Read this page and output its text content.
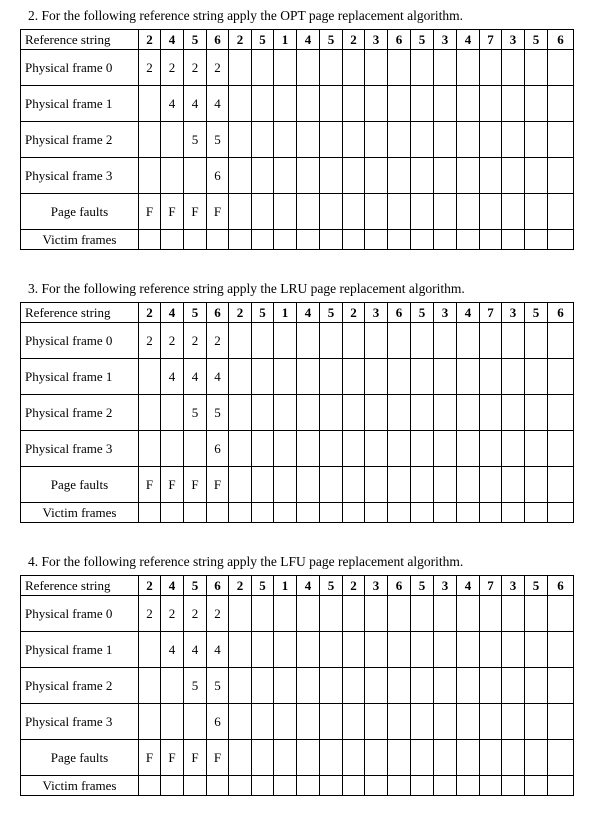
2. For the following reference string apply the OPT page replacement algorithm.
Reference string	2	4	5	6	2	5	1	4	5	2	3	6	5	3	4	7	3	5	6
Physical frame 0	2	2	2	2															
Physical frame 1		4	4	4															
Physical frame 2			5	5															
Physical frame 3				6															
Page faults	F	F	F	F															
Victim frames																			
3. For the following reference string apply the LRU page replacement algorithm.
Reference string	2	4	5	6	2	5	1	4	5	2	3	6	5	3	4	7	3	5	6
Physical frame 0	2	2	2	2															
Physical frame 1		4	4	4															
Physical frame 2			5	5															
Physical frame 3				6															
Page faults	F	F	F	F															
Victim frames																			
4. For the following reference string apply the LFU page replacement algorithm.
Reference string	2	4	5	6	2	5	1	4	5	2	3	6	5	3	4	7	3	5	6
Physical frame 0	2	2	2	2															
Physical frame 1		4	4	4															
Physical frame 2			5	5															
Physical frame 3				6															
Page faults	F	F	F	F															
Victim frames																			
